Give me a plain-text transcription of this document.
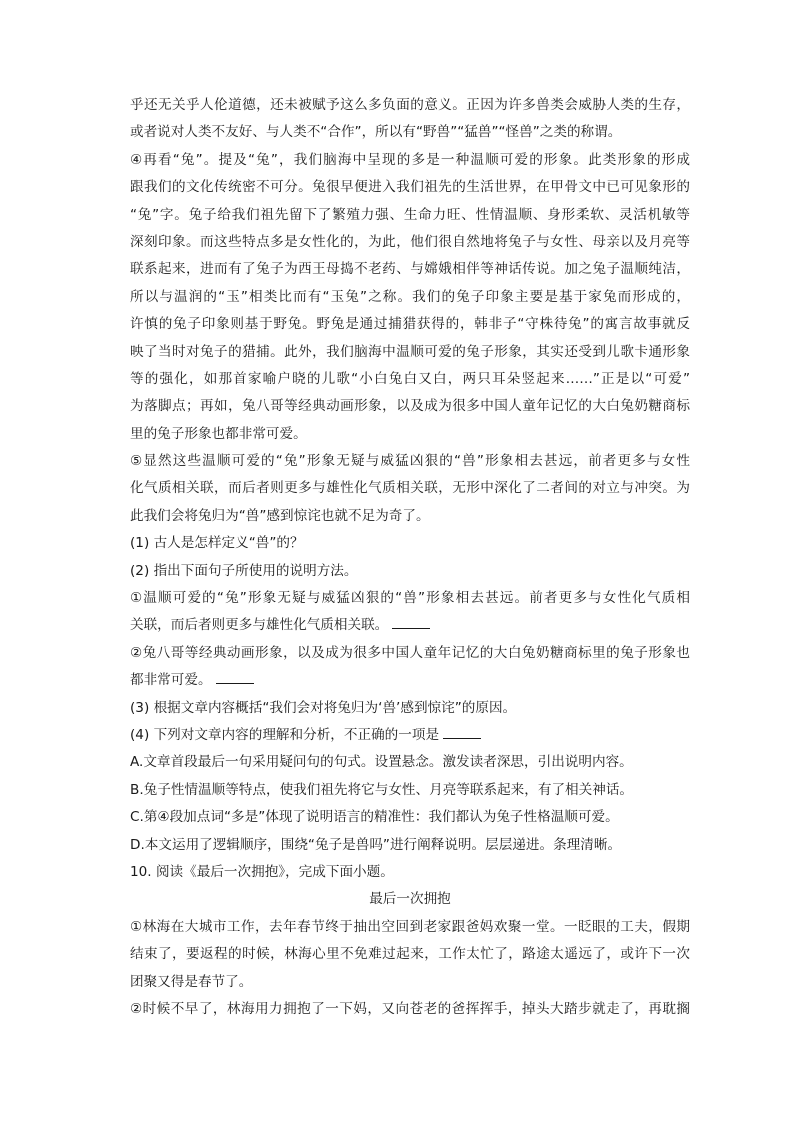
乎还无关乎人伦道德，还未被赋予这么多负面的意义。正因为许多兽类会威胁人类的生存，
或者说对人类不友好、与人类不“合作”，所以有“野兽”“猛兽”“怪兽”之类的称谓。
④再看“兔”。提及“兔”，我们脑海中呈现的多是一种温顺可爱的形象。此类形象的形成
跟我们的文化传统密不可分。兔很早便进入我们祖先的生活世界，在甲骨文中已可见象形的
“兔”字。兔子给我们祖先留下了繁殖力强、生命力旺、性情温顺、身形柔软、灵活机敏等
深刻印象。而这些特点多是女性化的，为此，他们很自然地将兔子与女性、母亲以及月亮等
联系起来，进而有了兔子为西王母捣不老药、与嫦娥相伴等神话传说。加之兔子温顺纯洁，
所以与温润的“玉”相类比而有“玉兔”之称。我们的兔子印象主要是基于家兔而形成的，
许慎的兔子印象则基于野兔。野兔是通过捕猎获得的，韩非子“守株待兔”的寓言故事就反
映了当时对兔子的猎捕。此外，我们脑海中温顺可爱的兔子形象，其实还受到儿歌卡通形象
等的强化，如那首家喻户晓的儿歌“小白兔白又白，两只耳朵竖起来……”正是以“可爱”
为落脚点；再如，兔八哥等经典动画形象，以及成为很多中国人童年记忆的大白兔奶糖商标
里的兔子形象也都非常可爱。
⑤显然这些温顺可爱的“兔”形象无疑与威猛凶狠的“兽”形象相去甚远，前者更多与女性
化气质相关联，而后者则更多与雄性化气质相关联，无形中深化了二者间的对立与冲突。为
此我们会将兔归为“兽”感到惊诧也就不足为奇了。
(1) 古人是怎样定义“兽”的？
(2) 指出下面句子所使用的说明方法。
①温顺可爱的“兔”形象无疑与威猛凶狠的“兽”形象相去甚远。前者更多与女性化气质相
关联，而后者则更多与雄性化气质相关联。
②兔八哥等经典动画形象，以及成为很多中国人童年记忆的大白兔奶糖商标里的兔子形象也
都非常可爱。
(3) 根据文章内容概括“我们会对将兔归为‘兽’感到惊诧”的原因。
(4) 下列对文章内容的理解和分析，不正确的一项是
A.文章首段最后一句采用疑问句的句式。设置悬念。激发读者深思，引出说明内容。
B.兔子性情温顺等特点，使我们祖先将它与女性、月亮等联系起来，有了相关神话。
C.第④段加点词“多是”体现了说明语言的精准性：我们都认为兔子性格温顺可爱。
D.本文运用了逻辑顺序，围绕“兔子是兽吗”进行阐释说明。层层递进。条理清晰。
10. 阅读《最后一次拥抱》，完成下面小题。
最后一次拥抱
①林海在大城市工作，去年春节终于抽出空回到老家跟爸妈欢聚一堂。一眨眼的工夫，假期
结束了，要返程的时候，林海心里不免难过起来，工作太忙了，路途太遥远了，或许下一次
团聚又得是春节了。
②时候不早了，林海用力拥抱了一下妈，又向苍老的爸挥挥手，掉头大踏步就走了，再耽搁
